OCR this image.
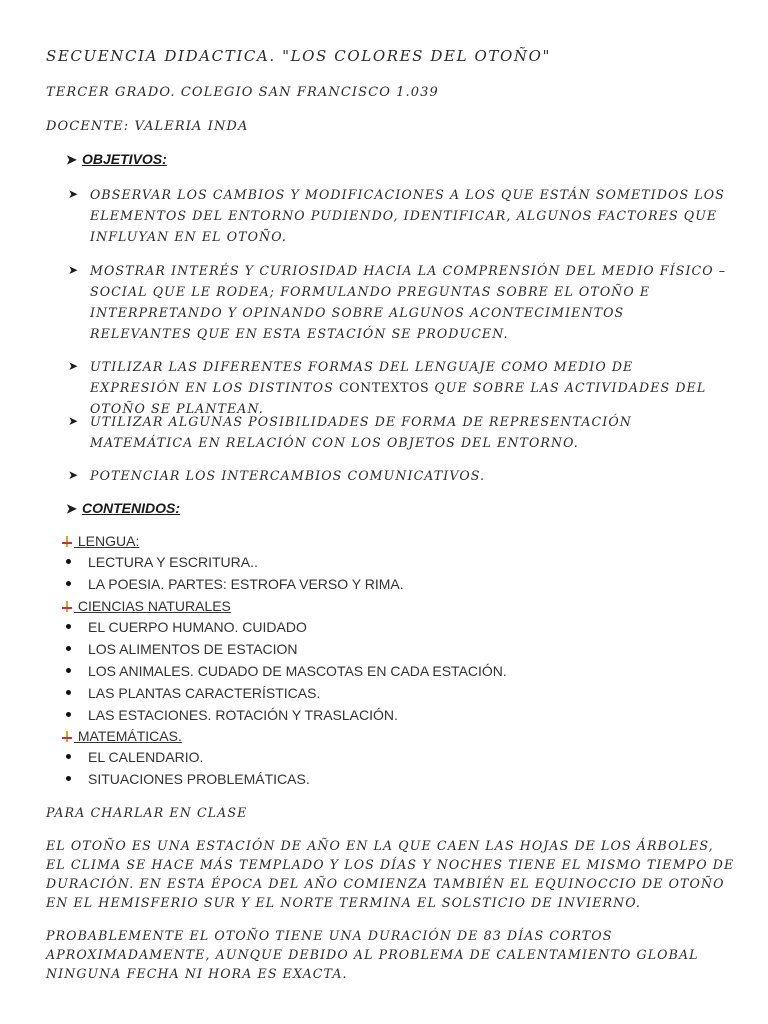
SECUENCIA DIDACTICA. "LOS COLORES DEL OTOÑO"

TERCER GRADO. COLEGIO SAN FRANCISCO 1.039

DOCENTE: VALERIA INDA

➤ OBJETIVOS:
➤ OBSERVAR LOS CAMBIOS Y MODIFICACIONES A LOS QUE ESTÁN SOMETIDOS LOS ELEMENTOS DEL ENTORNO PUDIENDO, IDENTIFICAR, ALGUNOS FACTORES QUE INFLUYAN EN EL OTOÑO.
➤ MOSTRAR INTERÉS Y CURIOSIDAD HACIA LA COMPRENSIÓN DEL MEDIO FÍSICO – SOCIAL QUE LE RODEA; FORMULANDO PREGUNTAS SOBRE EL OTOÑO E INTERPRETANDO Y OPINANDO SOBRE ALGUNOS ACONTECIMIENTOS RELEVANTES QUE EN ESTA ESTACIÓN SE PRODUCEN.
➤ UTILIZAR LAS DIFERENTES FORMAS DEL LENGUAJE COMO MEDIO DE EXPRESIÓN EN LOS DISTINTOS CONTEXTOS QUE SOBRE LAS ACTIVIDADES DEL OTOÑO SE PLANTEAN.
➤ UTILIZAR ALGUNAS POSIBILIDADES DE FORMA DE REPRESENTACIÓN MATEMÁTICA EN RELACIÓN CON LOS OBJETOS DEL ENTORNO.
➤ POTENCIAR LOS INTERCAMBIOS COMUNICATIVOS.
➤ CONTENIDOS:
LENGUA:
LECTURA Y ESCRITURA..
LA POESIA. PARTES: ESTROFA VERSO Y RIMA.
CIENCIAS NATURALES
EL CUERPO HUMANO. CUIDADO
LOS ALIMENTOS DE ESTACION
LOS ANIMALES. CUDADO DE MASCOTAS EN CADA ESTACIÓN.
LAS PLANTAS CARACTERÍSTICAS.
LAS ESTACIONES. ROTACIÓN Y TRASLACIÓN.
MATEMÁTICAS.
EL CALENDARIO.
SITUACIONES PROBLEMÁTICAS.
PARA CHARLAR EN CLASE
EL OTOÑO ES UNA ESTACIÓN DE AÑO EN LA QUE CAEN LAS HOJAS DE LOS ÁRBOLES, EL CLIMA SE HACE MÁS TEMPLADO Y LOS DÍAS Y NOCHES TIENE EL MISMO TIEMPO DE DURACIÓN. EN ESTA ÉPOCA DEL AÑO COMIENZA TAMBIÉN EL EQUINOCCIO DE OTOÑO EN EL HEMISFERIO SUR Y EL NORTE TERMINA EL SOLSTICIO DE INVIERNO.
PROBABLEMENTE EL OTOÑO TIENE UNA DURACIÓN DE 83 DÍAS CORTOS APROXIMADAMENTE, AUNQUE DEBIDO AL PROBLEMA DE CALENTAMIENTO GLOBAL NINGUNA FECHA NI HORA ES EXACTA.
